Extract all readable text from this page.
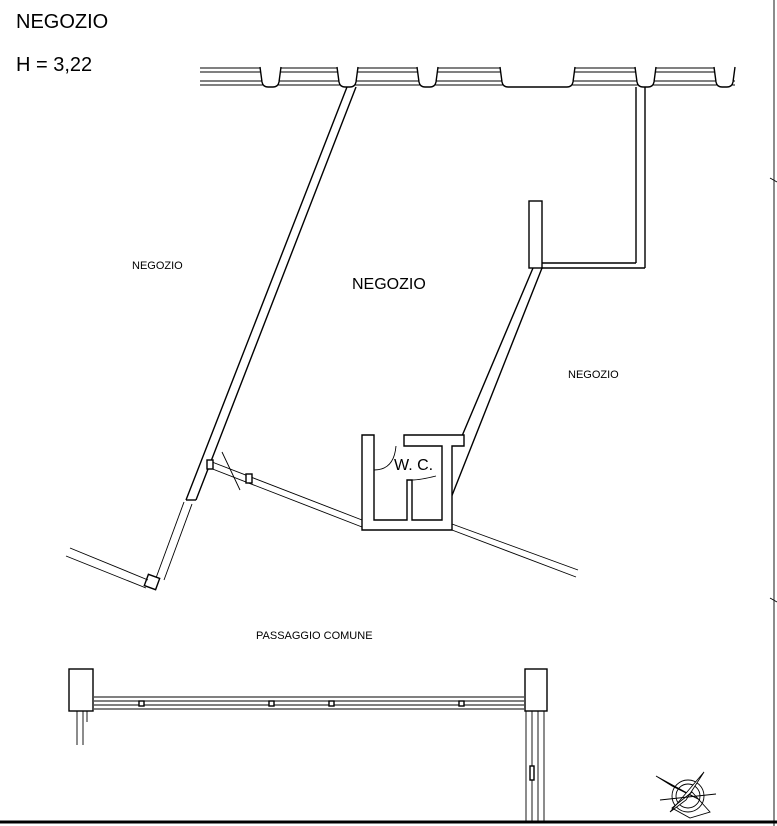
NEGOZIO
H = 3,22
W. C.
NEGOZIO
NEGOZIO
NEGOZIO
PASSAGGIO COMUNE
